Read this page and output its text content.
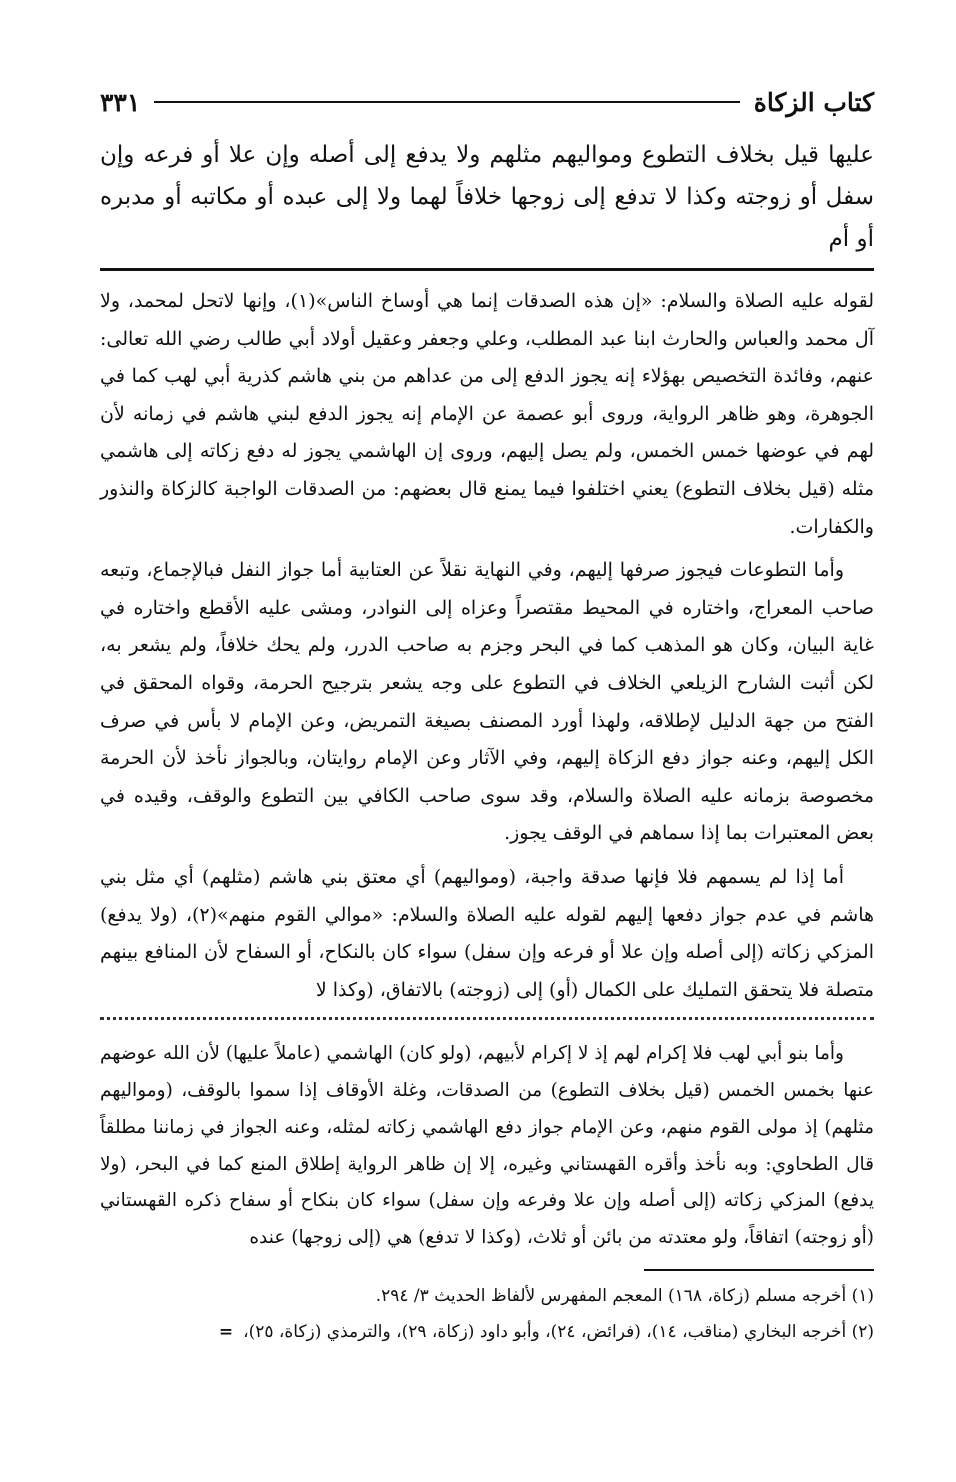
كتاب الزكاة
٣٣١
عليها قيل بخلاف التطوع ومواليهم مثلهم ولا يدفع إلى أصله وإن علا أو فرعه وإن سفل أو زوجته وكذا لا تدفع إلى زوجها خلافاً لهما ولا إلى عبده أو مكاتبه أو مدبره أو أم

لقوله عليه الصلاة والسلام: «إن هذه الصدقات إنما هي أوساخ الناس»(١)، وإنها لاتحل لمحمد، ولا آل محمد والعباس والحارث ابنا عبد المطلب، وعلي وجعفر وعقيل أولاد أبي طالب رضي الله تعالى: عنهم، وفائدة التخصيص بهؤلاء إنه يجوز الدفع إلى من عداهم من بني هاشم كذرية أبي لهب كما في الجوهرة، وهو ظاهر الرواية، وروى أبو عصمة عن الإمام إنه يجوز الدفع لبني هاشم في زمانه لأن لهم في عوضها خمس الخمس، ولم يصل إليهم، وروى إن الهاشمي يجوز له دفع زكاته إلى هاشمي مثله (قيل بخلاف التطوع) يعني اختلفوا فيما يمنع قال بعضهم: من الصدقات الواجبة كالزكاة والنذور والكفارات.

وأما التطوعات فيجوز صرفها إليهم، وفي النهاية نقلاً عن العتابية أما جواز النفل فبالإجماع، وتبعه صاحب المعراج، واختاره في المحيط مقتصراً وعزاه إلى النوادر، ومشى عليه الأقطع واختاره في غاية البيان، وكان هو المذهب كما في البحر وجزم به صاحب الدرر، ولم يحك خلافاً، ولم يشعر به، لكن أثبت الشارح الزيلعي الخلاف في التطوع على وجه يشعر بترجيح الحرمة، وقواه المحقق في الفتح من جهة الدليل لإطلاقه، ولهذا أورد المصنف بصيغة التمريض، وعن الإمام لا بأس في صرف الكل إليهم، وعنه جواز دفع الزكاة إليهم، وفي الآثار وعن الإمام روايتان، وبالجواز نأخذ لأن الحرمة مخصوصة بزمانه عليه الصلاة والسلام، وقد سوى صاحب الكافي بين التطوع والوقف، وقيده في بعض المعتبرات بما إذا سماهم في الوقف يجوز.

أما إذا لم يسمهم فلا فإنها صدقة واجبة، (ومواليهم) أي معتق بني هاشم (مثلهم) أي مثل بني هاشم في عدم جواز دفعها إليهم لقوله عليه الصلاة والسلام: «موالي القوم منهم»(٢)، (ولا يدفع) المزكي زكاته (إلى أصله وإن علا أو فرعه وإن سفل) سواء كان بالنكاح، أو السفاح لأن المنافع بينهم متصلة فلا يتحقق التمليك على الكمال (أو) إلى (زوجته) بالاتفاق، (وكذا لا

وأما بنو أبي لهب فلا إكرام لهم إذ لا إكرام لأبيهم، (ولو كان) الهاشمي (عاملاً عليها) لأن الله عوضهم عنها بخمس الخمس (قيل بخلاف التطوع) من الصدقات، وغلة الأوقاف إذا سموا بالوقف، (ومواليهم مثلهم) إذ مولى القوم منهم، وعن الإمام جواز دفع الهاشمي زكاته لمثله، وعنه الجواز في زماننا مطلقاً قال الطحاوي: وبه نأخذ وأقره القهستاني وغيره، إلا إن ظاهر الرواية إطلاق المنع كما في البحر، (ولا يدفع) المزكي زكاته (إلى أصله وإن علا وفرعه وإن سفل) سواء كان بنكاح أو سفاح ذكره القهستاني (أو زوجته) اتفاقاً، ولو معتدته من بائن أو ثلاث، (وكذا لا تدفع) هي (إلى زوجها) عنده

(١) أخرجه مسلم (زكاة، ١٦٨) المعجم المفهرس لألفاظ الحديث ٣/ ٢٩٤.

(٢) أخرجه البخاري (مناقب، ١٤)، (فرائض، ٢٤)، وأبو داود (زكاة، ٢٩)، والترمذي (زكاة، ٢٥)،=
